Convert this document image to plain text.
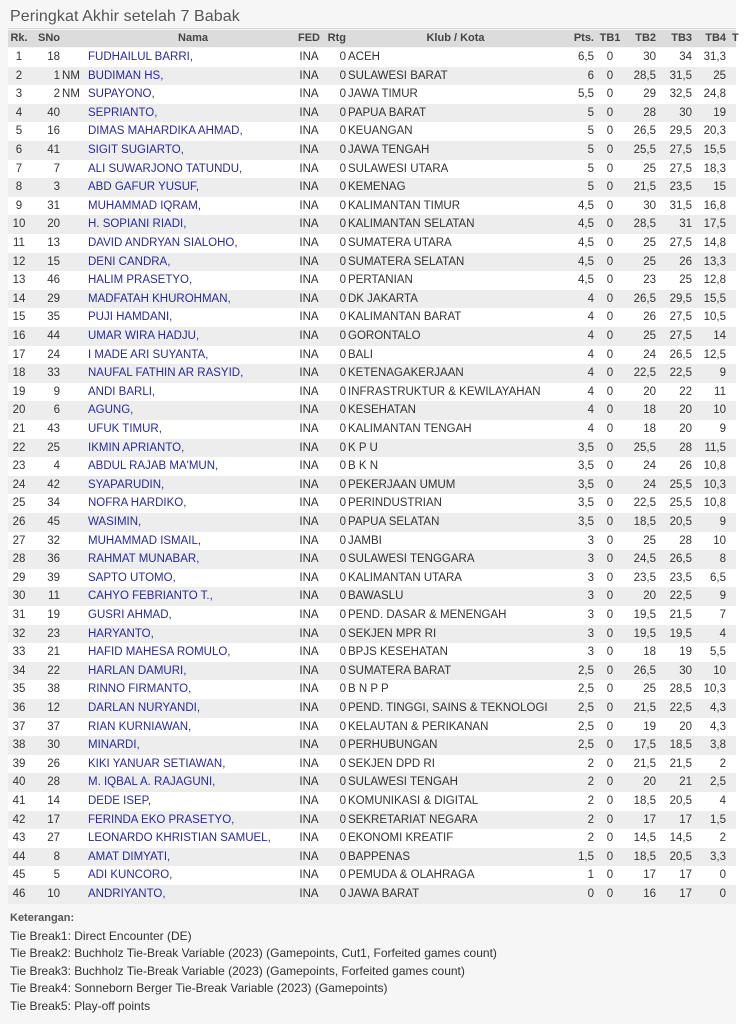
Peringkat Akhir setelah 7 Babak
Rk. SNo	Nama	FED Rtg	Klub / Kota	Pts. TB1	TB2	TB3	TB4 T
1	18 FUDHAILUL BARRI,	INA	0 ACEH	6,5	0	30	34	31,3
2	1 NM BUDIMAN HS,	INA	0 SULAWESI BARAT	6	0	28,5	31,5	25
3	2 NM SUPAYONO,	INA	0 JAWA TIMUR	5,5	0	29	32,5	24,8
4	40 SEPRIANTO,	INA	0 PAPUA BARAT	5	0	28	30	19
5	16 DIMAS MAHARDIKA AHMAD,	INA	0 KEUANGAN	5	0	26,5	29,5	20,3
6	41 SIGIT SUGIARTO,	INA	0 JAWA TENGAH	5	0	25,5	27,5	15,5
7	7 ALI SUWARJONO TATUNDU,	INA	0 SULAWESI UTARA	5	0	25	27,5	18,3
8	3 ABD GAFUR YUSUF,	INA	0 KEMENAG	5	0	21,5	23,5	15
9	31 MUHAMMAD IQRAM,	INA	0 KALIMANTAN TIMUR	4,5	0	30	31,5	16,8
10	20 H. SOPIANI RIADI,	INA	0 KALIMANTAN SELATAN	4,5	0	28,5	31	17,5
11	13 DAVID ANDRYAN SIALOHO,	INA	0 SUMATERA UTARA	4,5	0	25	27,5	14,8
12	15 DENI CANDRA,	INA	0 SUMATERA SELATAN	4,5	0	25	26	13,3
13	46 HALIM PRASETYO,	INA	0 PERTANIAN	4,5	0	23	25	12,8
14	29 MADFATAH KHUROHMAN,	INA	0 DK JAKARTA	4	0	26,5	29,5	15,5
15	35 PUJI HAMDANI,	INA	0 KALIMANTAN BARAT	4	0	26	27,5	10,5
16	44 UMAR WIRA HADJU,	INA	0 GORONTALO	4	0	25	27,5	14
17	24 I MADE ARI SUYANTA,	INA	0 BALI	4	0	24	26,5	12,5
18	33 NAUFAL FATHIN AR RASYID,	INA	0 KETENAGAKERJAAN	4	0	22,5	22,5	9
19	9 ANDI BARLI,	INA	0 INFRASTRUKTUR & KEWILAYAHAN	4	0	20	22	11
20	6 AGUNG,	INA	0 KESEHATAN	4	0	18	20	10
21	43 UFUK TIMUR,	INA	0 KALIMANTAN TENGAH	4	0	18	20	9
22	25 IKMIN APRIANTO,	INA	0 K P U	3,5	0	25,5	28	11,5
23	4 ABDUL RAJAB MA'MUN,	INA	0 B K N	3,5	0	24	26	10,8
24	42 SYAPARUDIN,	INA	0 PEKERJAAN UMUM	3,5	0	24	25,5	10,3
25	34 NOFRA HARDIKO,	INA	0 PERINDUSTRIAN	3,5	0	22,5	25,5	10,8
26	45 WASIMIN,	INA	0 PAPUA SELATAN	3,5	0	18,5	20,5	9
27	32 MUHAMMAD ISMAIL,	INA	0 JAMBI	3	0	25	28	10
28	36 RAHMAT MUNABAR,	INA	0 SULAWESI TENGGARA	3	0	24,5	26,5	8
29	39 SAPTO UTOMO,	INA	0 KALIMANTAN UTARA	3	0	23,5	23,5	6,5
30	11 CAHYO FEBRIANTO T.,	INA	0 BAWASLU	3	0	20	22,5	9
31	19 GUSRI AHMAD,	INA	0 PEND. DASAR & MENENGAH	3	0	19,5	21,5	7
32	23 HARYANTO,	INA	0 SEKJEN MPR RI	3	0	19,5	19,5	4
33	21 HAFID MAHESA ROMULO,	INA	0 BPJS KESEHATAN	3	0	18	19	5,5
34	22 HARLAN DAMURI,	INA	0 SUMATERA BARAT	2,5	0	26,5	30	10
35	38 RINNO FIRMANTO,	INA	0 B N P P	2,5	0	25	28,5	10,3
36	12 DARLAN NURYANDI,	INA	0 PEND. TINGGI, SAINS & TEKNOLOGI	2,5	0	21,5	22,5	4,3
37	37 RIAN KURNIAWAN,	INA	0 KELAUTAN & PERIKANAN	2,5	0	19	20	4,3
38	30 MINARDI,	INA	0 PERHUBUNGAN	2,5	0	17,5	18,5	3,8
39	26 KIKI YANUAR SETIAWAN,	INA	0 SEKJEN DPD RI	2	0	21,5	21,5	2
40	28 M. IQBAL A. RAJAGUNI,	INA	0 SULAWESI TENGAH	2	0	20	21	2,5
41	14 DEDE ISEP,	INA	0 KOMUNIKASI & DIGITAL	2	0	18,5	20,5	4
42	17 FERINDA EKO PRASETYO,	INA	0 SEKRETARIAT NEGARA	2	0	17	17	1,5
43	27 LEONARDO KHRISTIAN SAMUEL,	INA	0 EKONOMI KREATIF	2	0	14,5	14,5	2
44	8 AMAT DIMYATI,	INA	0 BAPPENAS	1,5	0	18,5	20,5	3,3
45	5 ADI KUNCORO,	INA	0 PEMUDA & OLAHRAGA	1	0	17	17	0
46	10 ANDRIYANTO,	INA	0 JAWA BARAT	0	0	16	17	0
Keterangan:
Tie Break1: Direct Encounter (DE)
Tie Break2: Buchholz Tie-Break Variable (2023) (Gamepoints, Cut1, Forfeited games count)
Tie Break3: Buchholz Tie-Break Variable (2023) (Gamepoints, Forfeited games count)
Tie Break4: Sonneborn Berger Tie-Break Variable (2023) (Gamepoints)
Tie Break5: Play-off points
